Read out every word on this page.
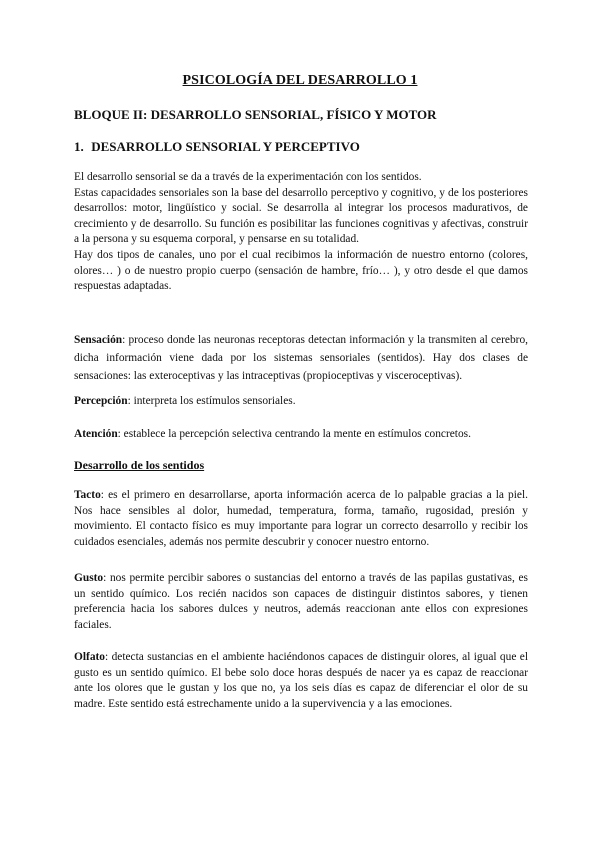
PSICOLOGÍA DEL DESARROLLO 1
BLOQUE II: DESARROLLO SENSORIAL, FÍSICO Y MOTOR
1. DESARROLLO SENSORIAL Y PERCEPTIVO

El desarrollo sensorial se da a través de la experimentación con los sentidos.

Estas capacidades sensoriales son la base del desarrollo perceptivo y cognitivo, y de los posteriores desarrollos: motor, lingüístico y social. Se desarrolla al integrar los procesos madurativos, de crecimiento y de desarrollo. Su función es posibilitar las funciones cognitivas y afectivas, construir a la persona y su esquema corporal, y pensarse en su totalidad.

Hay dos tipos de canales, uno por el cual recibimos la información de nuestro entorno (colores, olores… ) o de nuestro propio cuerpo (sensación de hambre, frío… ), y otro desde el que damos respuestas adaptadas.

Sensación: proceso donde las neuronas receptoras detectan información y la transmiten al cerebro, dicha información viene dada por los sistemas sensoriales (sentidos). Hay dos clases de sensaciones: las exteroceptivas y las intraceptivas (propioceptivas y visceroceptivas).

Percepción: interpreta los estímulos sensoriales.

Atención: establece la percepción selectiva centrando la mente en estímulos concretos.

Desarrollo de los sentidos

Tacto: es el primero en desarrollarse, aporta información acerca de lo palpable gracias a la piel. Nos hace sensibles al dolor, humedad, temperatura, forma, tamaño, rugosidad, presión y movimiento. El contacto físico es muy importante para lograr un correcto desarrollo y recibir los cuidados esenciales, además nos permite descubrir y conocer nuestro entorno.

Gusto: nos permite percibir sabores o sustancias del entorno a través de las papilas gustativas, es un sentido químico. Los recién nacidos son capaces de distinguir distintos sabores, y tienen preferencia hacia los sabores dulces y neutros, además reaccionan ante ellos con expresiones faciales.

Olfato: detecta sustancias en el ambiente haciéndonos capaces de distinguir olores, al igual que el gusto es un sentido químico. El bebe solo doce horas después de nacer ya es capaz de reaccionar ante los olores que le gustan y los que no, ya los seis días es capaz de diferenciar el olor de su madre. Este sentido está estrechamente unido a la supervivencia y a las emociones.
